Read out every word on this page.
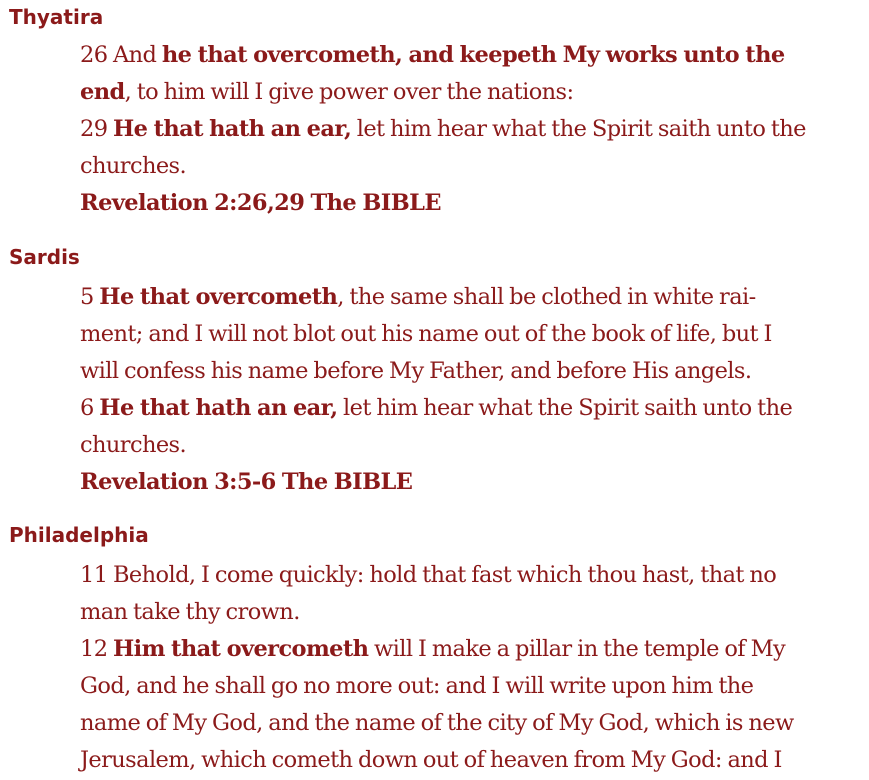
Thyatira
26 And he that overcometh, and keepeth My works unto the
end, to him will I give power over the nations:
29 He that hath an ear, let him hear what the Spirit saith unto the
churches.
Revelation 2:26,29 The BIBLE
Sardis
5 He that overcometh, the same shall be clothed in white rai-
ment; and I will not blot out his name out of the book of life, but I
will confess his name before My Father, and before His angels.
6 He that hath an ear, let him hear what the Spirit saith unto the
churches.
Revelation 3:5-6 The BIBLE
Philadelphia
11 Behold, I come quickly: hold that fast which thou hast, that no
man take thy crown.
12 Him that overcometh will I make a pillar in the temple of My
God, and he shall go no more out: and I will write upon him the
name of My God, and the name of the city of My God, which is new
Jerusalem, which cometh down out of heaven from My God: and I
